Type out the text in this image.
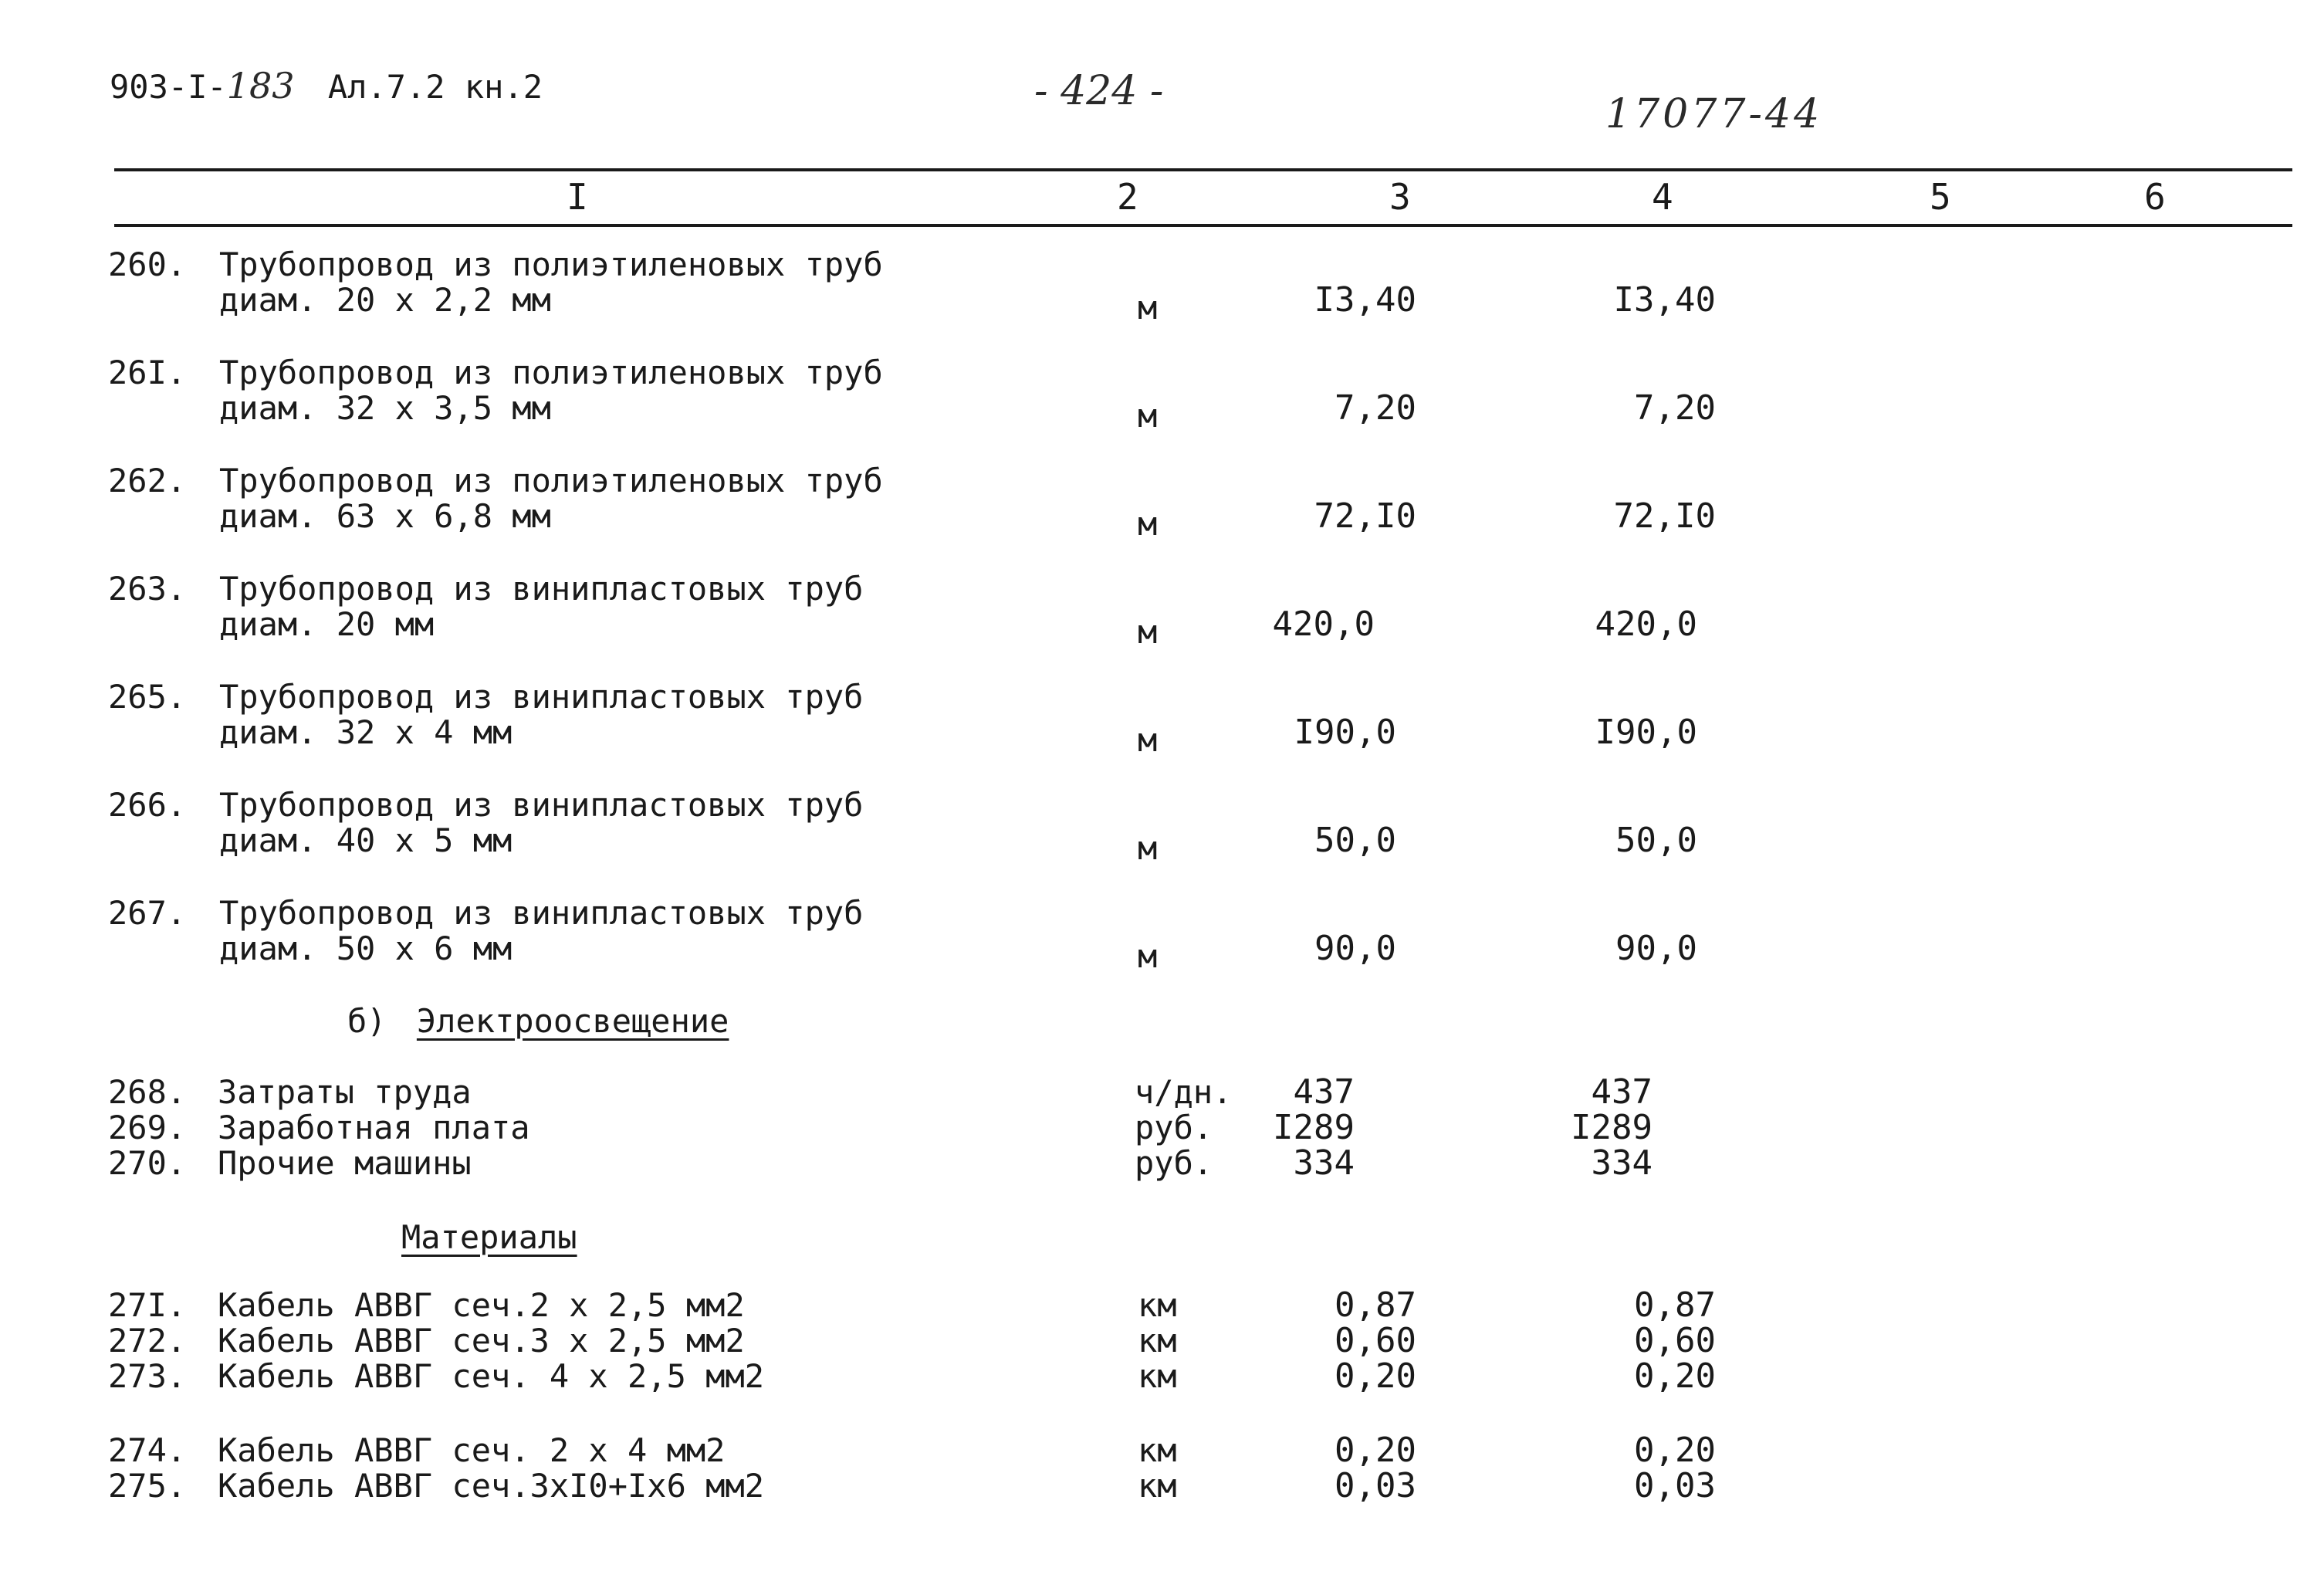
903-I-183 Ал.7.2 кн.2	- 424 -	17077-44
I	2	3	4	5	6
260. Трубопровод из полиэтиленовых труб
диам. 20 х 2,2 мм	м	I3,40	I3,40
26I. Трубопровод из полиэтиленовых труб
диам. 32 х 3,5 мм	м	7,20	7,20
262. Трубопровод из полиэтиленовых труб
диам. 63 х 6,8 мм	м	72,I0	72,I0
263. Трубопровод из винипластовых труб
диам. 20 мм	м	420,0	420,0
265. Трубопровод из винипластовых труб
диам. 32 х 4 мм	м	I90,0	I90,0
266. Трубопровод из винипластовых труб
диам. 40 х 5 мм	м	50,0	50,0
267. Трубопровод из винипластовых труб
диам. 50 х 6 мм	м	90,0	90,0
б) Электроосвещение
268. Затраты труда	ч/дн. 437	437
269. Заработная плата	руб. I289	I289
270. Прочие машины	руб. 334	334
Материалы
27I. Кабель АВВГ сеч.2 х 2,5 мм2	км	0,87	0,87
272. Кабель АВВГ сеч.3 х 2,5 мм2	км	0,60	0,60
273. Кабель АВВГ сеч. 4 х 2,5 мм2	км	0,20	0,20
274. Кабель АВВГ сеч. 2 х 4 мм2	км	0,20	0,20
275. Кабель АВВГ сеч.3хI0+Iх6 мм2	км	0,03	0,03
